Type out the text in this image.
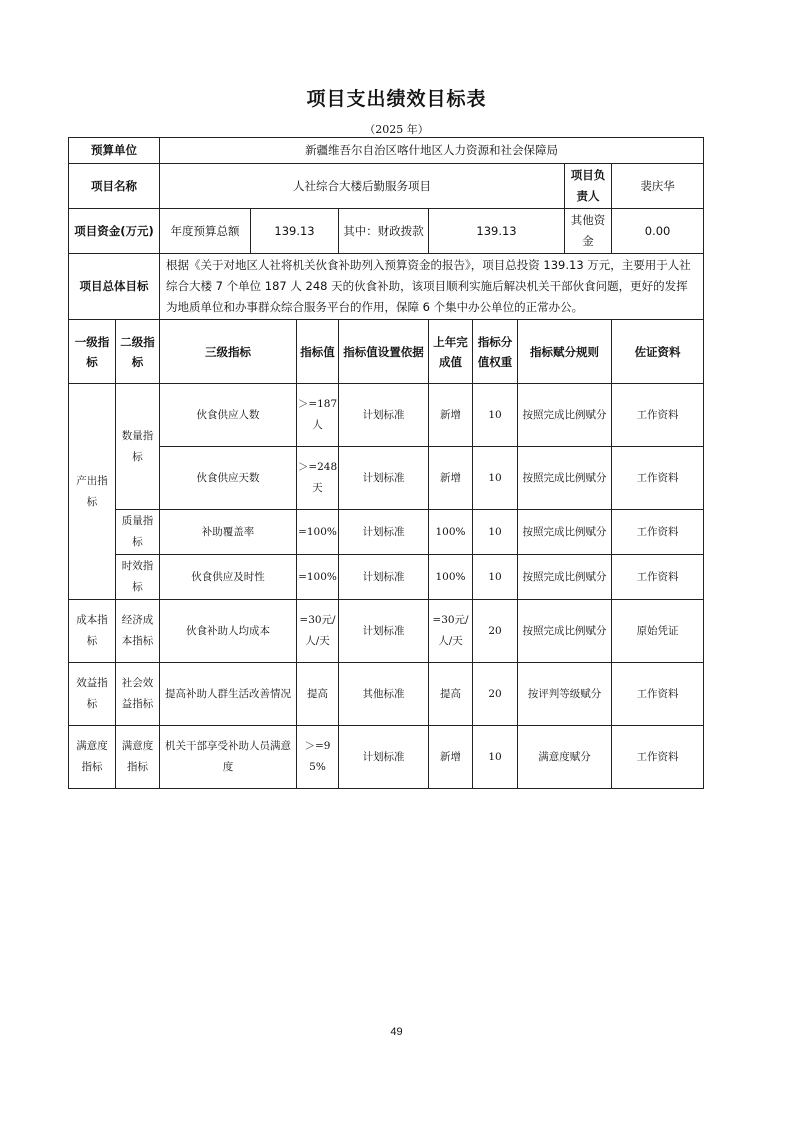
项目支出绩效目标表
（2025 年）
预算单位		新疆维吾尔自治区喀什地区人力资源和社会保障局								
项目名称		人社综合大楼后勤服务项目							项目负责人	裴庆华
项目资金(万元)		年度预算总额	139.13		其中：财政拨款	139.13			其他资金	0.00
项目总体目标		根据《关于对地区人社将机关伙食补助列入预算资金的报告》，项目总投资 139.13 万元，主要用于人社综合大楼 7 个单位 187 人 248 天的伙食补助，该项目顺利实施后解决机关干部伙食问题，更好的发挥为地质单位和办事群众综合服务平台的作用，保障 6 个集中办公单位的正常办公。								
一级指标	二级指标	三级指标		指标值	指标值设置依据	上年完成值	指标分值权重	指标赋分规则		佐证资料
产出指标	数量指标	伙食供应人数		＞=187人	计划标准	新增	10	按照完成比例赋分		工作资料
		伙食供应天数		＞=248天	计划标准	新增	10	按照完成比例赋分		工作资料
	质量指标	补助覆盖率		=100%	计划标准	100%	10	按照完成比例赋分		工作资料
	时效指标	伙食供应及时性		=100%	计划标准	100%	10	按照完成比例赋分		工作资料
成本指标	经济成本指标	伙食补助人均成本		=30元/人/天	计划标准	=30元/人/天	20	按照完成比例赋分		原始凭证
效益指标	社会效益指标	提高补助人群生活改善情况		提高	其他标准	提高	20	按评判等级赋分		工作资料
满意度指标	满意度指标	机关干部享受补助人员满意度		＞=95%	计划标准	新增	10	满意度赋分		工作资料
49
